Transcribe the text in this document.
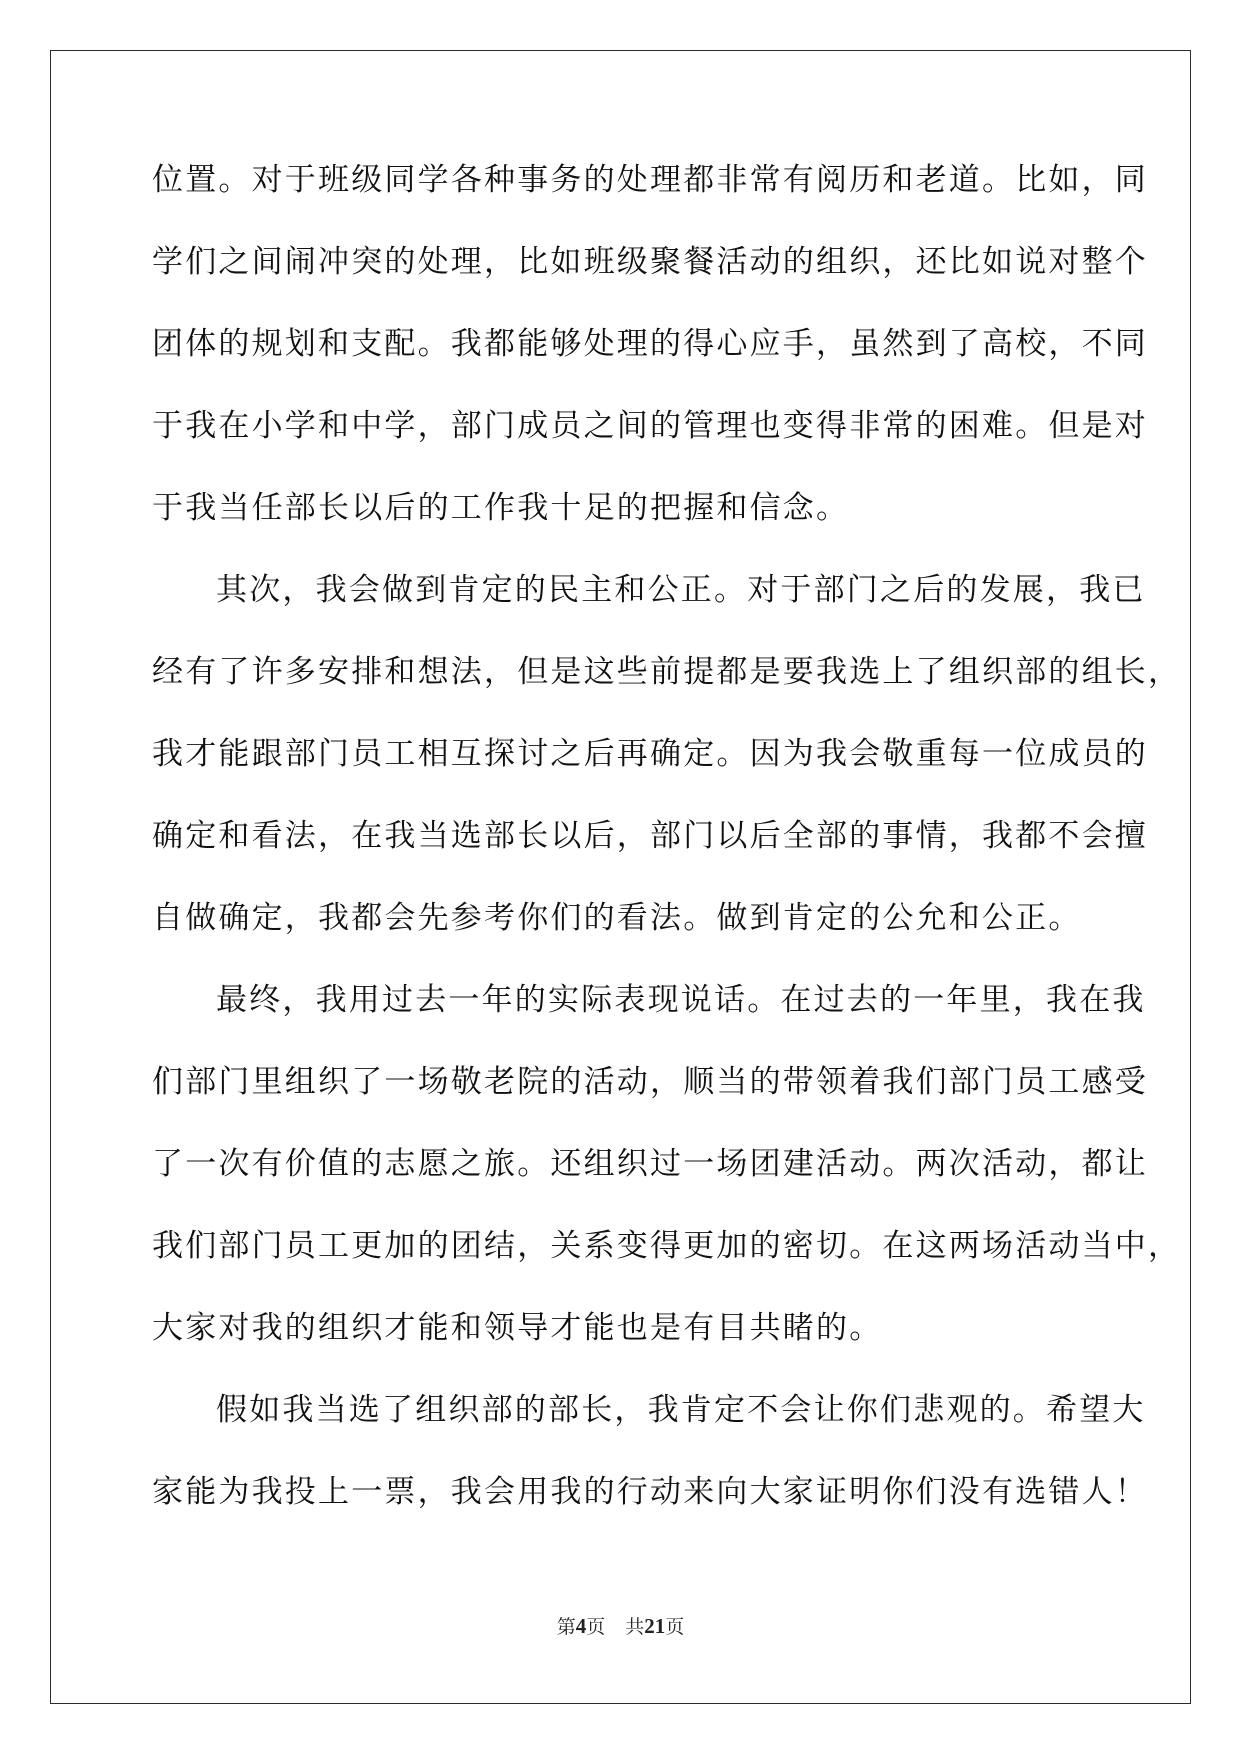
位置。对于班级同学各种事务的处理都非常有阅历和老道。比如，同
学们之间闹冲突的处理，比如班级聚餐活动的组织，还比如说对整个
团体的规划和支配。我都能够处理的得心应手，虽然到了高校，不同
于我在小学和中学，部门成员之间的管理也变得非常的困难。但是对
于我当任部长以后的工作我十足的把握和信念。
其次，我会做到肯定的民主和公正。对于部门之后的发展，我已
经有了许多安排和想法，但是这些前提都是要我选上了组织部的组长，
我才能跟部门员工相互探讨之后再确定。因为我会敬重每一位成员的
确定和看法，在我当选部长以后，部门以后全部的事情，我都不会擅
自做确定，我都会先参考你们的看法。做到肯定的公允和公正。
最终，我用过去一年的实际表现说话。在过去的一年里，我在我
们部门里组织了一场敬老院的活动，顺当的带领着我们部门员工感受
了一次有价值的志愿之旅。还组织过一场团建活动。两次活动，都让
我们部门员工更加的团结，关系变得更加的密切。在这两场活动当中，
大家对我的组织才能和领导才能也是有目共睹的。
假如我当选了组织部的部长，我肯定不会让你们悲观的。希望大
家能为我投上一票，我会用我的行动来向大家证明你们没有选错人！
第4页 共21页
